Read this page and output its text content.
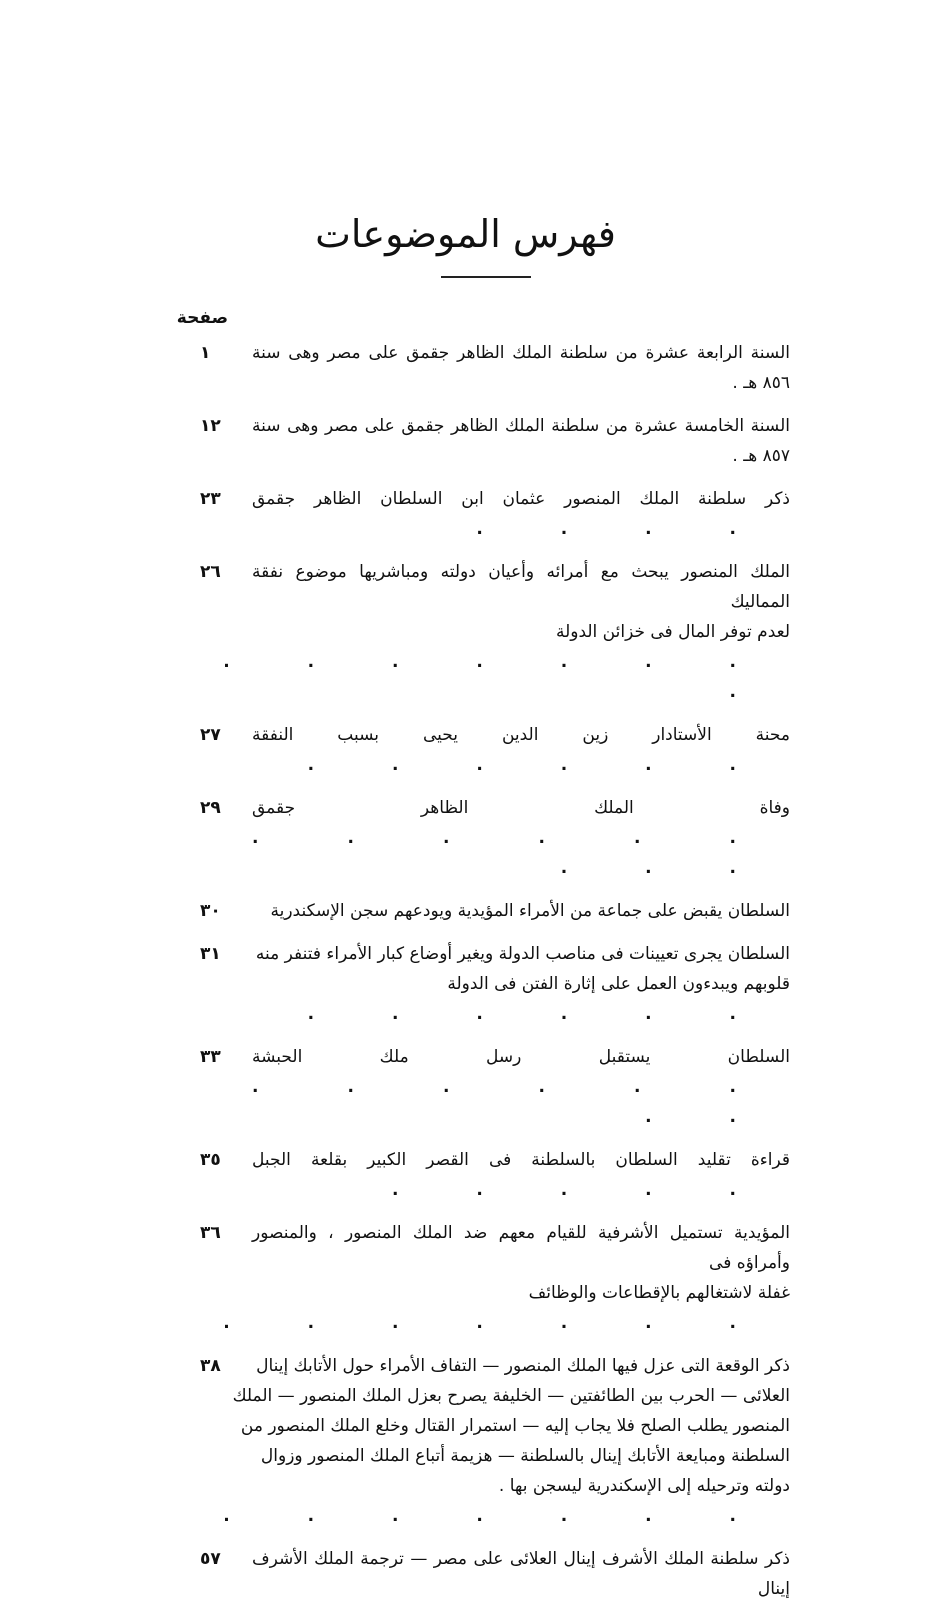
فهرس الموضوعات
صفحة
السنة الرابعة عشرة من سلطنة الملك الظاهر جقمق على مصر وهى سنة ٨٥٦ هـ .
١
السنة الخامسة عشرة من سلطنة الملك الظاهر جقمق على مصر وهى سنة ٨٥٧ هـ .
١٢
ذكر سلطنة الملك المنصور عثمان ابن السلطان الظاهر جقمق. . . .
٢٣
الملك المنصور يبحث مع أمرائه وأعيان دولته ومباشريها موضوع نفقة المماليك
٢٦
لعدم توفر المال فى خزائن الدولة. . . . . . . .
محنة الأستادار زين الدين يحيى بسبب النفقة. . . . . .
٢٧
وفاة الملك الظاهر جقمق. . . . . . . . .
٢٩
السلطان يقبض على جماعة من الأمراء المؤيدية ويودعهم سجن الإسكندرية
٣٠
السلطان يجرى تعيينات فى مناصب الدولة ويغير أوضاع كبار الأمراء فتنفر منه
٣١
قلوبهم ويبدءون العمل على إثارة الفتن فى الدولة. . . . . .
السلطان يستقبل رسل ملك الحبشة. . . . . . . .
٣٣
قراءة تقليد السلطان بالسلطنة فى القصر الكبير بقلعة الجبل. . . . .
٣٥
المؤيدية تستميل الأشرفية للقيام معهم ضد الملك المنصور ، والمنصور وأمراؤه فى
٣٦
غفلة لاشتغالهم بالإقطاعات والوظائف. . . . . . .
ذكر الوقعة التى عزل فيها الملك المنصور — التفاف الأمراء حول الأتابك إينال
٣٨
العلائى — الحرب بين الطائفتين — الخليفة يصرح بعزل الملك المنصور — الملك
المنصور يطلب الصلح فلا يجاب إليه — استمرار القتال وخلع الملك المنصور من
السلطنة ومبايعة الأتابك إينال بالسلطنة — هزيمة أتباع الملك المنصور وزوال
دولته وترحيله إلى الإسكندرية ليسجن بها .. . . . . . .
ذكر سلطنة الملك الأشرف إينال العلائى على مصر — ترجمة الملك الأشرف إينال
٥٧
